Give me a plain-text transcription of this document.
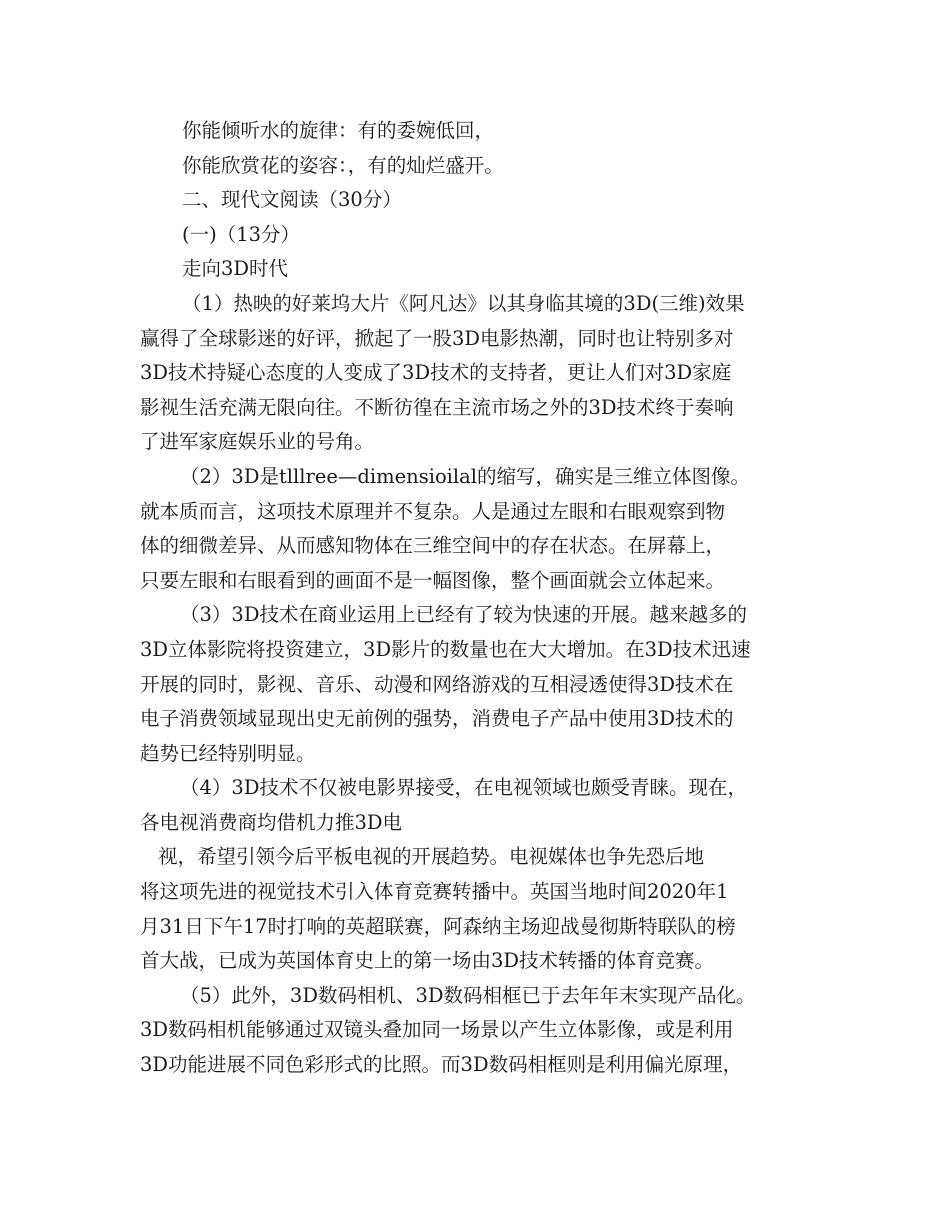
你能倾听水的旋律：有的委婉低回，
你能欣赏花的姿容：，有的灿烂盛开。
二、现代文阅读（30分）
(一)（13分）
走向3D时代
（1）热映的好莱坞大片《阿凡达》以其身临其境的3D(三维)效果
赢得了全球影迷的好评，掀起了一股3D电影热潮，同时也让特别多对
3D技术持疑心态度的人变成了3D技术的支持者，更让人们对3D家庭
影视生活充满无限向往。不断彷徨在主流市场之外的3D技术终于奏响
了进军家庭娱乐业的号角。
（2）3D是tlllree—dimensioilal的缩写，确实是三维立体图像。
就本质而言，这项技术原理并不复杂。人是通过左眼和右眼观察到物
体的细微差异、从而感知物体在三维空间中的存在状态。在屏幕上，
只要左眼和右眼看到的画面不是一幅图像，整个画面就会立体起来。
（3）3D技术在商业运用上已经有了较为快速的开展。越来越多的
3D立体影院将投资建立，3D影片的数量也在大大增加。在3D技术迅速
开展的同时，影视、音乐、动漫和网络游戏的互相浸透使得3D技术在
电子消费领域显现出史无前例的强势，消费电子产品中使用3D技术的
趋势已经特别明显。
（4）3D技术不仅被电影界接受，在电视领域也颇受青睐。现在，
各电视消费商均借机力推3D电
视，希望引领今后平板电视的开展趋势。电视媒体也争先恐后地
将这项先进的视觉技术引入体育竞赛转播中。英国当地时间2020年1
月31日下午17时打响的英超联赛，阿森纳主场迎战曼彻斯特联队的榜
首大战，已成为英国体育史上的第一场由3D技术转播的体育竞赛。
（5）此外，3D数码相机、3D数码相框已于去年年末实现产品化。
3D数码相机能够通过双镜头叠加同一场景以产生立体影像，或是利用
3D功能进展不同色彩形式的比照。而3D数码相框则是利用偏光原理，
